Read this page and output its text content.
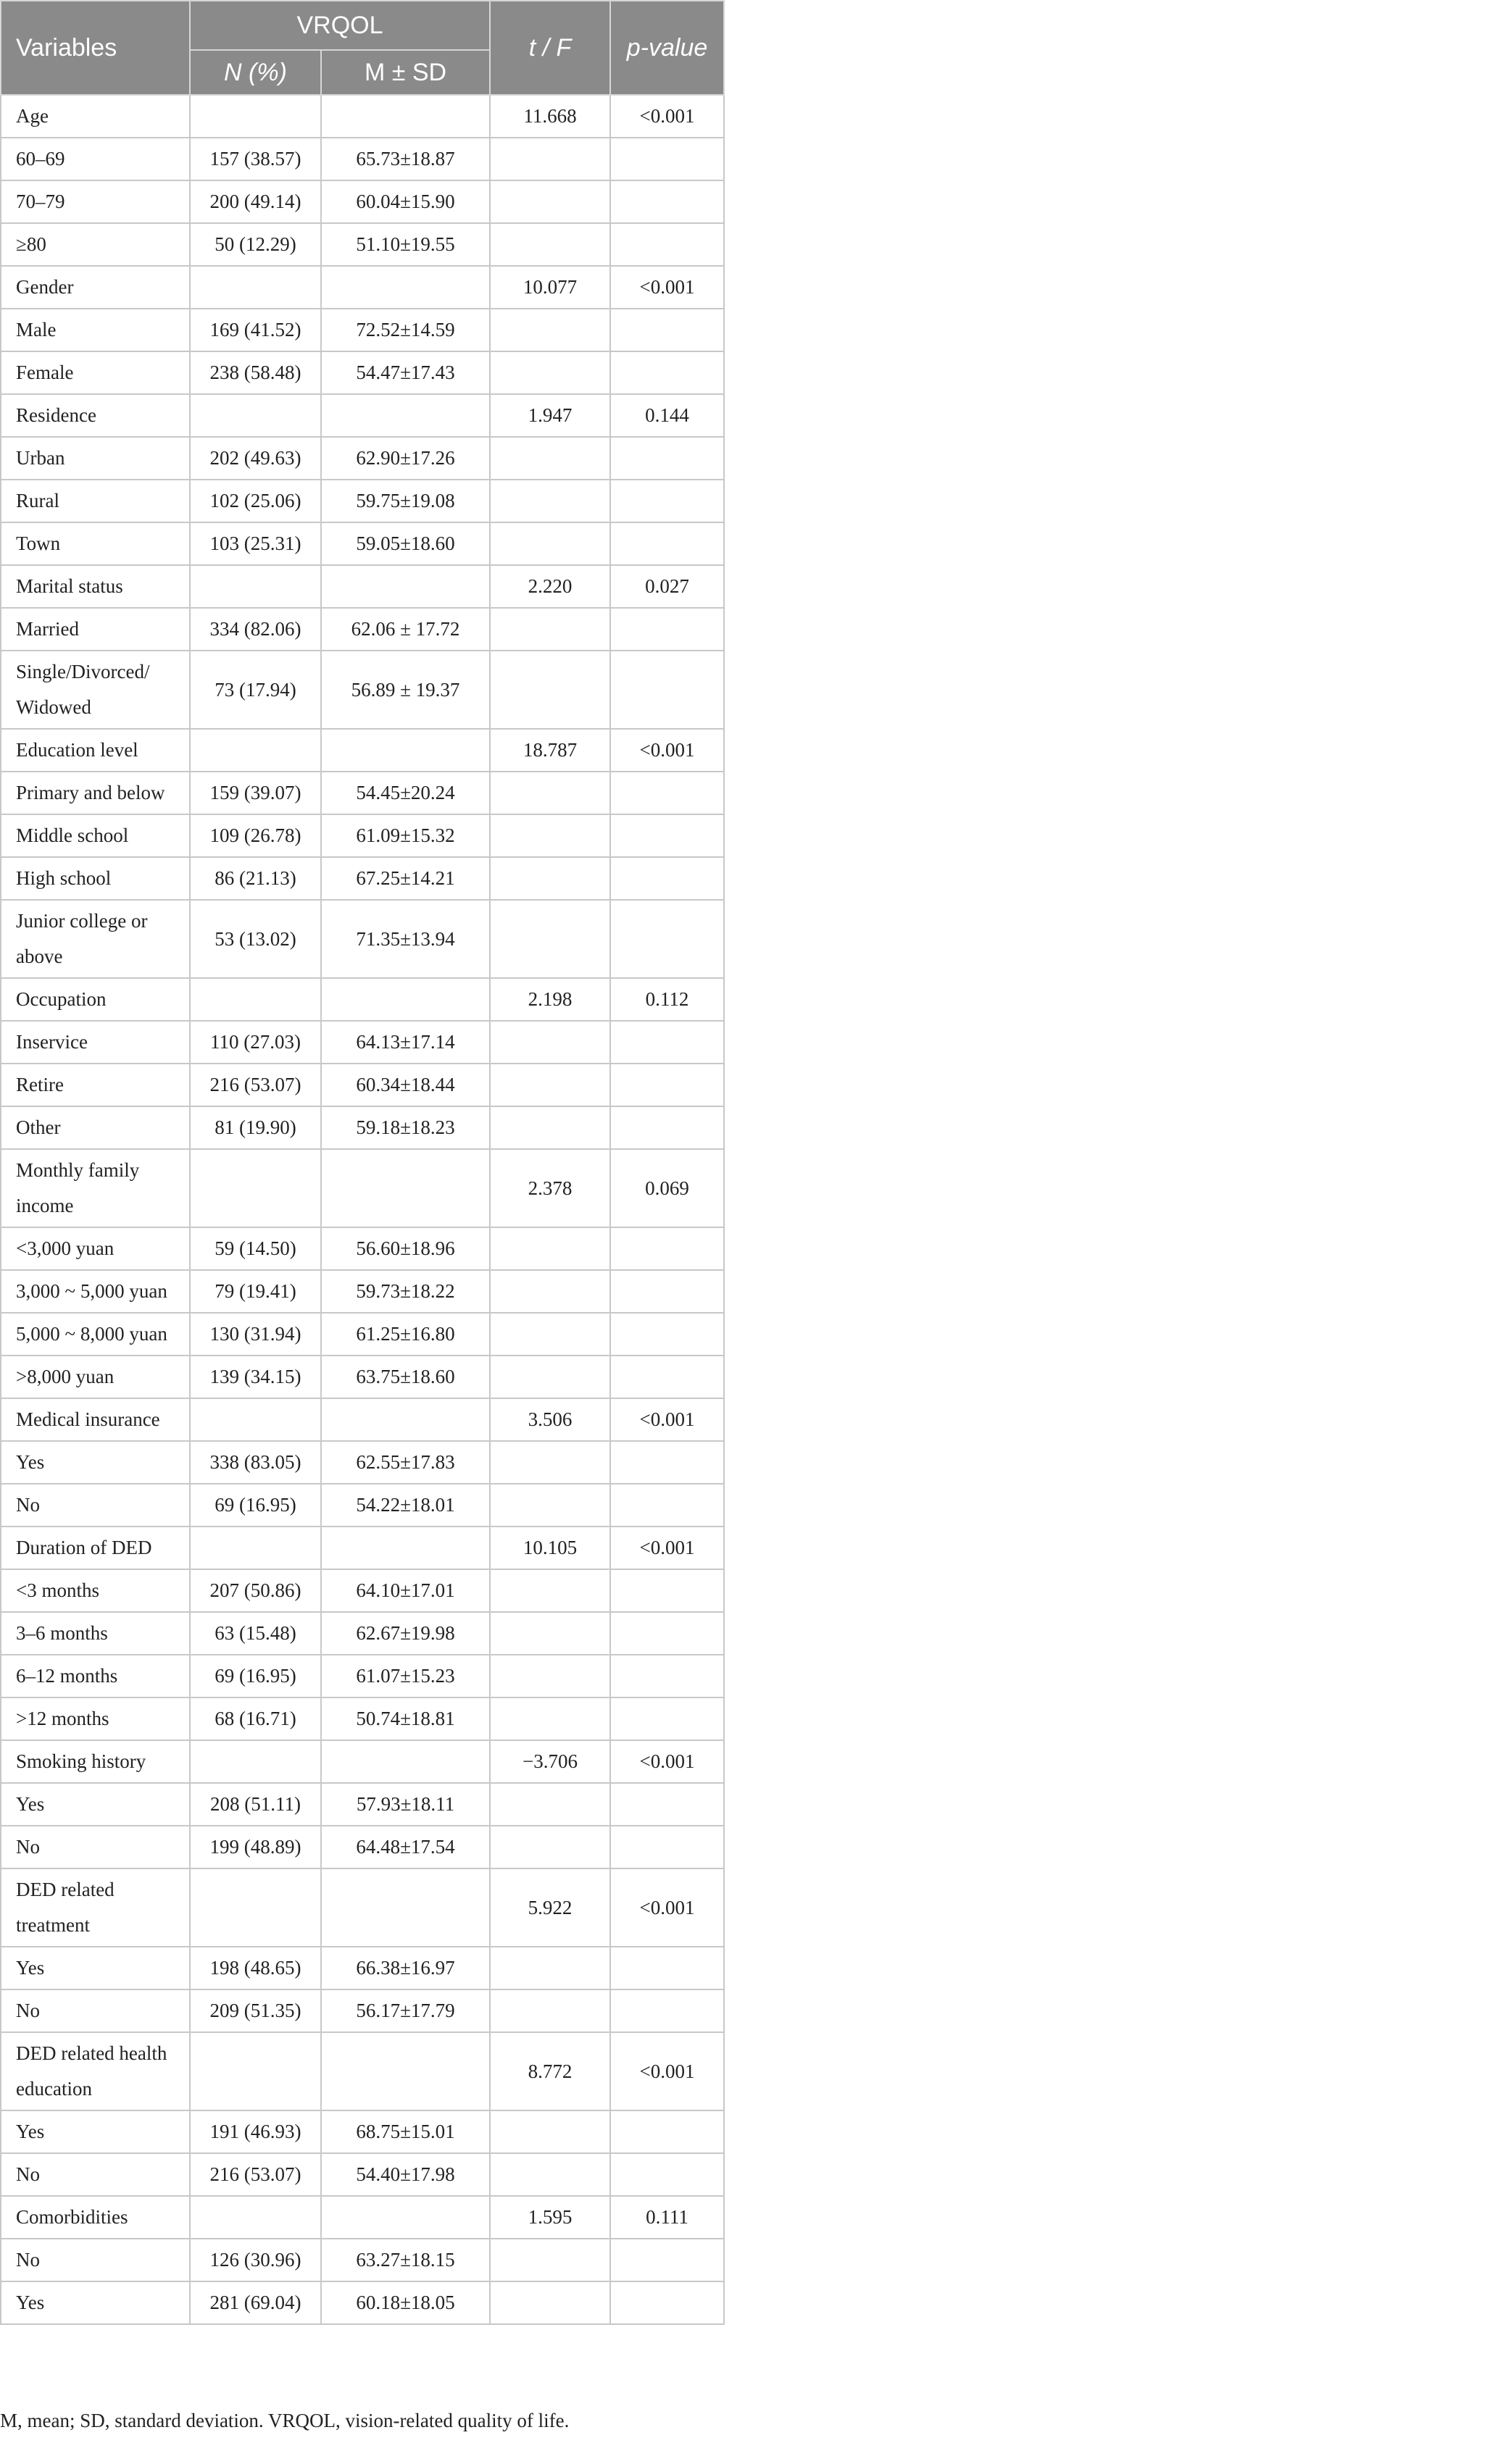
Variables	VRQOL		t / F	p-value
	N (%)	M ± SD		
Age			11.668	<0.001
60–69	157 (38.57)	65.73±18.87		
70–79	200 (49.14)	60.04±15.90		
≥80	50 (12.29)	51.10±19.55		
Gender			10.077	<0.001
Male	169 (41.52)	72.52±14.59		
Female	238 (58.48)	54.47±17.43		
Residence			1.947	0.144
Urban	202 (49.63)	62.90±17.26		
Rural	102 (25.06)	59.75±19.08		
Town	103 (25.31)	59.05±18.60		
Marital status			2.220	0.027
Married	334 (82.06)	62.06 ± 17.72		
Single/Divorced/ Widowed	73 (17.94)	56.89 ± 19.37		
Education level			18.787	<0.001
Primary and below	159 (39.07)	54.45±20.24		
Middle school	109 (26.78)	61.09±15.32		
High school	86 (21.13)	67.25±14.21		
Junior college or above	53 (13.02)	71.35±13.94		
Occupation			2.198	0.112
Inservice	110 (27.03)	64.13±17.14		
Retire	216 (53.07)	60.34±18.44		
Other	81 (19.90)	59.18±18.23		
Monthly family income			2.378	0.069
<3,000 yuan	59 (14.50)	56.60±18.96		
3,000 ~ 5,000 yuan	79 (19.41)	59.73±18.22		
5,000 ~ 8,000 yuan	130 (31.94)	61.25±16.80		
>8,000 yuan	139 (34.15)	63.75±18.60		
Medical insurance			3.506	<0.001
Yes	338 (83.05)	62.55±17.83		
No	69 (16.95)	54.22±18.01		
Duration of DED			10.105	<0.001
<3 months	207 (50.86)	64.10±17.01		
3–6 months	63 (15.48)	62.67±19.98		
6–12 months	69 (16.95)	61.07±15.23		
>12 months	68 (16.71)	50.74±18.81		
Smoking history			−3.706	<0.001
Yes	208 (51.11)	57.93±18.11		
No	199 (48.89)	64.48±17.54		
DED related treatment			5.922	<0.001
Yes	198 (48.65)	66.38±16.97		
No	209 (51.35)	56.17±17.79		
DED related health education			8.772	<0.001
Yes	191 (46.93)	68.75±15.01		
No	216 (53.07)	54.40±17.98		
Comorbidities			1.595	0.111
No	126 (30.96)	63.27±18.15		
Yes	281 (69.04)	60.18±18.05		
M, mean; SD, standard deviation. VRQOL, vision-related quality of life.
